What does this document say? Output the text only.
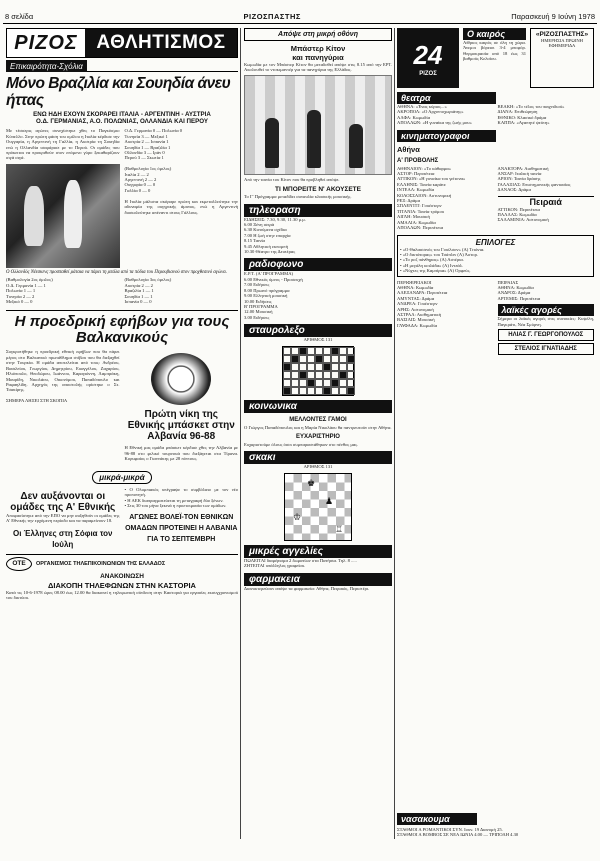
8 σελίδα	ΡΙΖΟΣΠΑΣΤΗΣ	Παρασκευή 9 Ιούνη 1978
ΡΙΖΟΣ ΑΘΛΗΤΙΣΜΟΣ
Επικαιρότητα-Σχόλια
Μόνο Βραζιλία και Σουηδία άνευ ήττας
ΕΝΩ ΗΔΗ ΕΧΟΥΝ ΣΚΟΡΑΡΕΙ ΙΤΑΛΙΑ - ΑΡΓΕΝΤΙΝΗ - ΑΥΣΤΡΙΑ
Ο.Δ. ΓΕΡΜΑΝΙΑΣ, Α.Ο. ΠΟΛΩΝΙΑΣ, ΟΛΛΑΝΔΙΑ ΚΑΙ ΠΕΡΟΥ
Με τέσσερις αγώνες συνεχίστηκε χθες το Παγκόσμιο Κύπελλο. Στην πρώτη φάση του ομίλου η Ιταλία κέρδισε την Ουγγαρία, η Αργεντινή τη Γαλλία, η Αυστρία τη Σουηδία ενώ η Ολλανδία ισοφάρισε με το Περού. Οι ομάδες που πρόκειται να προκριθούν στον επόμενο γύρο ξεκαθαρίζουν σιγά σιγά.
Ο.Δ. Γερμανία 0 — Πολωνία 0
Τυνησία 3 — Μεξικό 1
Αυστρία 2 — Ισπανία 1
Σουηδία 1 — Βραζιλία 1
Ολλανδία 3 — Ιράν 0
Περού 3 — Σκωτία 1

(Βαθμολογία 1ος όμιλος)
Ιταλία 2 — 2
Αργεντινή 2 — 2
Ουγγαρία 0 — 0
Γαλλία 0 — 0

Η Ιταλία μάλιστα σκόραρε πρώτη και εκμεταλλεύτηκε την αδυναμία της ουγγρικής άμυνας, ενώ η Αργεντινή δυσκολεύτηκε απέναντι στους Γάλλους.
Ο Ολλανδός Νέεσκενς προσπαθεί μάταια να πάρει τη μπάλα από τα πόδια του Περουβιανού στον προχθεσινό αγώνα.
(Βαθμολογία 2ος όμιλος)
Ο.Δ. Γερμανία 1 — 1
Πολωνία 1 — 1
Τυνησία 2 — 2
Μεξικό 0 — 0
(Βαθμολογία 3ος όμιλος)
Αυστρία 2 — 2
Βραζιλία 1 — 1
Σουηδία 1 — 1
Ισπανία 0 — 0
Η προεδρική εφήβων για τους Βαλκανικούς
Συγκροτήθηκε η προεδρική εθνική εφήβων που θα πάρει μέρος στο Βαλκανικό πρωτάθλημα στίβου που θα διεξαχθεί στην Τουρκία. Η ομάδα αποτελείται από τους: Ανδρέου, Βασιλείου, Γεωργίου, Δημητρίου, Ευαγγέλου, Ζαχαρίου, Ηλιόπουλο, Θεοδώρου, Ιωάννου, Καραγιάννη, Λαμπράκη, Μαυρίδη, Νικολάου, Οικονόμου, Παπαδόπουλο και Ραφαηλίδη. Αρχηγός της αποστολής ορίστηκε ο Στ. Τσακίρης.

ΣΗΜΕΡΑ ΛΗΞΕΙ ΣΤΗ ΣΚΟΠΙΑ
Πρώτη νίκη της Εθνικής μπάσκετ στην Αλβανία 96-88
Η Εθνική μας ομάδα μπάσκετ κέρδισε χθες την Αλβανία με 96-88 στο φιλικό τουρνουά που διεξάγεται στα Τίρανα. Κορυφαίος ο Γιαννάκης με 28 πόντους.
μικρά-μικρά
Δεν αυξάνονται οι ομάδες της Α' Εθνικής
Αποφασίστηκε από την ΕΠΟ να μην αυξηθούν οι ομάδες της Α' Εθνικής την ερχόμενη περίοδο και να παραμείνουν 18.
Οι Έλληνες στη Σόφια τον Ιούλη
• Ο Ολυμπιακός υπέγραψε το συμβόλαιο με τον νέο προπονητή.
• Η ΑΕΚ διαπραγματεύεται τη μεταγραφή δύο ξένων.
• Στις 30 του μήνα ξεκινά η προετοιμασία των ομάδων.
ΑΓΩΝΕΣ ΒΟΛΕΪ-ΤΟΝ ΕΘΝΙΚΩΝ ΟΜΑΔΩΝ ΠΡΟΤΕΙΝΕΙ Η ΑΛΒΑΝΙΑ ΓΙΑ ΤΟ ΣΕΠΤΕΜΒΡΗ
ΟΤΕ	ΟΡΓΑΝΙΣΜΟΣ ΤΗΛΕΠΙΚΟΙΝΩΝΙΩΝ ΤΗΣ ΕΛΛΑΔΟΣ
ΑΝΑΚΟΙΝΩΣΗ
ΔΙΑΚΟΠΗ ΤΗΛΕΦΩΝΩΝ ΣΤΗΝ ΚΑΣΤΟΡΙΑ
Κατά τις 10-6-1978 ώρες 08.00 έως 12.00 θα διακοπεί η τηλεφωνική σύνδεση στην Καστοριά για εργασίες εκσυγχρονισμού του δικτύου.
Απόψε στη μικρή οθόνη
Μπάστερ Κίτον
και πανηγύρια
Κωμωδία με τον Μπάστερ Κίτον θα μεταδοθεί απόψε στις 8.15 από την ΕΡΤ. Ακολουθεί το ντοκιμαντέρ για τα πανηγύρια της Ελλάδας.
Από την ταινία του Κίτον που θα προβληθεί απόψε.
ΤΙ ΜΠΟΡΕΙΤΕ Ν' ΑΚΟΥΣΕΤΕ
Το Γ' Πρόγραμμα μεταδίδει συναυλία κλασικής μουσικής.
τηλεοραση
ΕΙΔΗΣΕΙΣ: 7.30, 9.30, 11.30 μ.μ.
6.00 Ξένη σειρά
6.30 Κινούμενα σχέδια
7.00 Η ζωή στην επαρχία
8.15 Ταινία
9.45 Αθλητική εκπομπή
10.30 Θέατρο της Δευτέρας
ραδιοφωνο
Ε.Ρ.Τ. (Α' ΠΡΟΓΡΑΜΜΑ)
6.00 Εθνικός ύμνος - Προσευχή
7.00 Ειδήσεις
8.00 Πρωινό πρόγραμμα
9.00 Ελληνική μουσική
10.00 Ειδήσεις
Β' ΠΡΟΓΡΑΜΜΑ
12.00 Μουσική
3.00 Ειδήσεις
σταυρολεξο
ΑΡΙΘΜΟΣ 131
κοινωνικα
ΜΕΛΛΟΝΤΕΣ ΓΑΜΟΙ
Ο Γιώργος Παπαδόπουλος και η Μαρία Νικολάου θα παντρευτούν στην Αθήνα.
ΕΥΧΑΡΙΣΤΗΡΙΟ
Ευχαριστούμε όλους όσοι συμπαραστάθηκαν στο πένθος μας.
σκακι
ΑΡΙΘΜΟΣ 131
♚
♟
♔
♖
μικρές αγγελίες
ΠΩΛΕΙΤΑΙ διαμέρισμα 2 δωματίων στα Πατήσια. Τηλ. 8 .....
ΖΗΤΕΙΤΑΙ υπάλληλος γραφείου.
φαρμακεια
Διανυκτερεύουν απόψε τα φαρμακεία: Αθήνα, Πειραιάς, Περιστέρι.
24
ΡΙΖΟΣ
Ο καιρός
Αίθριος καιρός σε όλη τη χώρα. Άνεμοι βόρειοι 3-4 μποφόρ. Θερμοκρασία από 18 έως 31 βαθμούς Κελσίου.
«ΡΙΖΟΣΠΑΣΤΗΣ»
ΗΜΕΡΗΣΙΑ ΠΡΩΙΝΗ ΕΦΗΜΕΡΙΔΑ
θεατρα
ΑΘΗΝΑ: «Ένας κύριος...»
ΑΚΡΟΠΟΛ: «Ο Αρχοντοχωριάτης»
ΑΛΦΑ: Κωμωδία
ΑΠΟΛΛΩΝ: «Η γυναίκα της ζωής μου»
ΒΕΑΚΗ: «Το τέλος του παιχνιδιού»
ΔΙΑΝΑ: Επιθεώρηση
ΕΘΝΙΚΟ: Κλασικό δράμα
ΚΑΠΠΑ: «Αγαπητέ ψεύτη»
κινηματογραφοι
Αθήνα
Α' ΠΡΟΒΟΛΗΣ
ΑΘΗΝΑΙΟΝ: «Το κάθαρμα»
ΑΣΤΟΡ: Περιπέτεια
ΑΤΤΙΚΟΝ: «Η γυναίκα του γείτονα»
ΕΛΛΗΝΙΣ: Ταινία καράτε
ΙΝΤΕΑΛ: Κωμωδία
ΚΟΛΟΣΣΑΙΟΝ: Αστυνομική
ΡΕΞ: Δράμα
ΣΠΛΕΝΤΙΤ: Γουέστερν
ΤΙΤΑΝΙΑ: Ταινία τρόμου
ΑΙΓΛΗ: Μουσική
ΑΜΑΛΙΑ: Κωμωδία
ΑΠΟΛΛΩΝ: Περιπέτεια
ΑΝΑΚΤΟΡΑ: Αισθηματική
ΑΝΣΑΡ: Ιταλική ταινία
ΑΡΙΟΝ: Ταινία δράσης
ΓΑΛΑΞΙΑΣ: Επιστημονικής φαντασίας
ΔΑΝΑΟΣ: Δράμα
Πειραιά
ΑΤΤΙΚΟΝ: Περιπέτεια
ΠΑΛΛΑΣ: Κωμωδία
ΣΑΛΑΜΙΝΙΑ: Αστυνομική
ΕΠΙΛΟΓΕΣ
• «Ο Θαλασσινός του Γουίλσον» (Α) Τιτάνια.
• «Ο δικτάτορας» του Τσάπλιν (Α) Άστορ.
• «Το ροζ πάνθηρας» (Α) Αστέρια.
• «Η μεγάλη κοιλάδα» (Α) Ιντεάλ.
• «Νύχτες της Καμπίρια» (Α) Ορφεύς.
ΠΕΡΙΦΕΡΕΙΑΚΟΙ
ΑΘΗΝΑ: Κωμωδία
ΑΛΕΞΑΝΔΡΑ: Περιπέτεια
ΑΜΥΝΤΑΣ: Δράμα
ΑΝΔΡΕΑ: Γουέστερν
ΑΡΗΣ: Αστυνομική
ΑΣΤΡΑΛ: Αισθηματική
ΒΑΣΙΛΙΣ: Μουσική
ΓΛΥΦΑΔΑ: Κωμωδία
ΠΕΙΡΑΙΑΣ
ΑΘΗΝΑ: Κωμωδία
ΑΝΔΡΟΣ: Δράμα
ΑΡΤΕΜΙΣ: Περιπέτεια
λαϊκές αγορές
Σήμερα οι λαϊκές αγορές στις συνοικίες: Κυψέλη, Παγκράτι, Νέα Σμύρνη.
ΗΛΙΑΣ Γ. ΓΕΩΡΓΟΠΟΥΛΟΣ
ΣΤΕΛΙΟΣ ΙΓΝΑΤΙΑΔΗΣ
νασακουμα
ΣΤΑΘΜΟΙ Α ΡΟΜΑΝΤΙΚΟΙ ΣΥΝ. Ιουν. 19 Διανομή 25.
ΣΤΑΘΜΟΙ Α ΒΟΜΒΟΣ ΣΕ ΝΕΑ ΙΩΝΙΑ 4.00 — ΤΡΙΠΟΛΗ 4.30
